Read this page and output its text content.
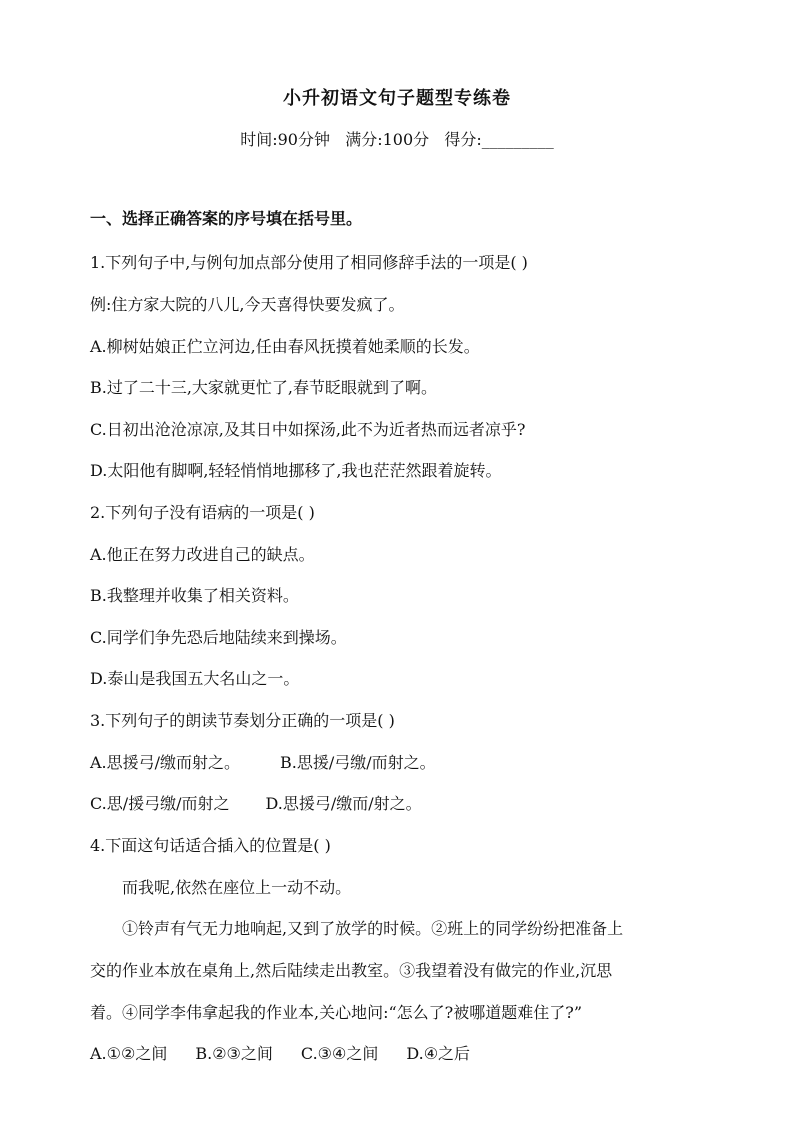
小升初语文句子题型专练卷
时间:90分钟   满分:100分   得分:_________
一、选择正确答案的序号填在括号里。
1.下列句子中,与例句加点部分使用了相同修辞手法的一项是( )
例:住方家大院的八儿,今天喜得快要发疯了。
A.柳树姑娘正伫立河边,任由春风抚摸着她柔顺的长发。
B.过了二十三,大家就更忙了,春节眨眼就到了啊。
C.日初出沧沧凉凉,及其日中如探汤,此不为近者热而远者凉乎?
D.太阳他有脚啊,轻轻悄悄地挪移了,我也茫茫然跟着旋转。
2.下列句子没有语病的一项是( )
A.他正在努力改进自己的缺点。
B.我整理并收集了相关资料。
C.同学们争先恐后地陆续来到操场。
D.泰山是我国五大名山之一。
3.下列句子的朗读节奏划分正确的一项是( )
A.思援弓/缴而射之。	B.思援/弓缴/而射之。
C.思/援弓缴/而射之 D.思援弓/缴而/射之。
4.下面这句话适合插入的位置是( )
而我呢,依然在座位上一动不动。
①铃声有气无力地响起,又到了放学的时候。②班上的同学纷纷把准备上
交的作业本放在桌角上,然后陆续走出教室。③我望着没有做完的作业,沉思
着。④同学李伟拿起我的作业本,关心地问:“怎么了?被哪道题难住了?”
A.①②之间 B.②③之间 C.③④之间 D.④之后
